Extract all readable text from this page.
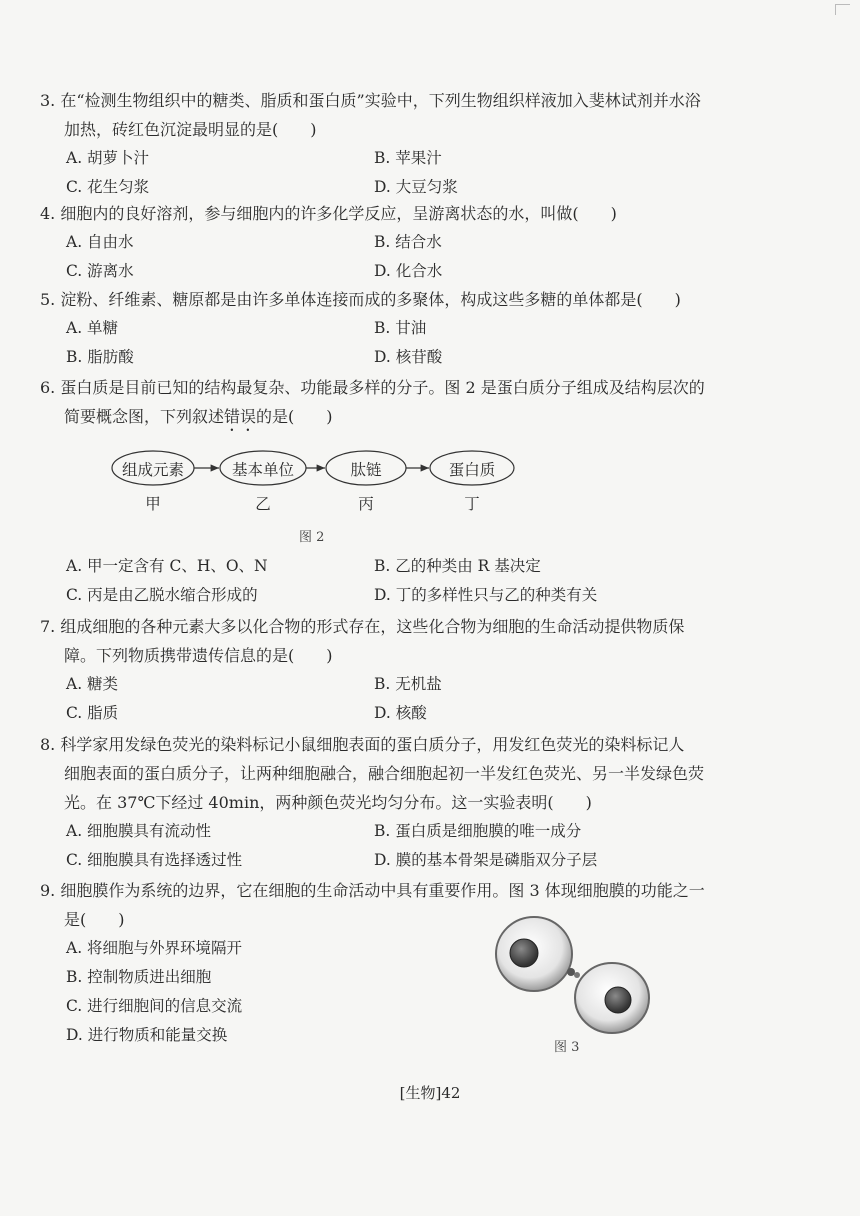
3. 在“检测生物组织中的糖类、脂质和蛋白质”实验中，下列生物组织样液加入斐林试剂并水浴
加热，砖红色沉淀最明显的是(　　)
A. 胡萝卜汁	B. 苹果汁
C. 花生匀浆	D. 大豆匀浆
4. 细胞内的良好溶剂，参与细胞内的许多化学反应，呈游离状态的水，叫做(　　)
A. 自由水	B. 结合水
C. 游离水	D. 化合水
5. 淀粉、纤维素、糖原都是由许多单体连接而成的多聚体，构成这些多糖的单体都是(　　)
A. 单糖	B. 甘油
B. 脂肪酸	D. 核苷酸
6. 蛋白质是目前已知的结构最复杂、功能最多样的分子。图 2 是蛋白质分子组成及结构层次的
简要概念图，下列叙述错误的是(　　)
组成元素	基本单位	肽链	蛋白质
甲	乙	丙	丁
图 2
A. 甲一定含有 C、H、O、N	B. 乙的种类由 R 基决定
C. 丙是由乙脱水缩合形成的	D. 丁的多样性只与乙的种类有关
7. 组成细胞的各种元素大多以化合物的形式存在，这些化合物为细胞的生命活动提供物质保
障。下列物质携带遗传信息的是(　　)
A. 糖类	B. 无机盐
C. 脂质	D. 核酸
8. 科学家用发绿色荧光的染料标记小鼠细胞表面的蛋白质分子，用发红色荧光的染料标记人
细胞表面的蛋白质分子，让两种细胞融合，融合细胞起初一半发红色荧光、另一半发绿色荧
光。在 37℃下经过 40min，两种颜色荧光均匀分布。这一实验表明(　　)
A. 细胞膜具有流动性	B. 蛋白质是细胞膜的唯一成分
C. 细胞膜具有选择透过性	D. 膜的基本骨架是磷脂双分子层
9. 细胞膜作为系统的边界，它在细胞的生命活动中具有重要作用。图 3 体现细胞膜的功能之一
是(　　)
A. 将细胞与外界环境隔开
B. 控制物质进出细胞
C. 进行细胞间的信息交流
D. 进行物质和能量交换
图 3
[生物]42
